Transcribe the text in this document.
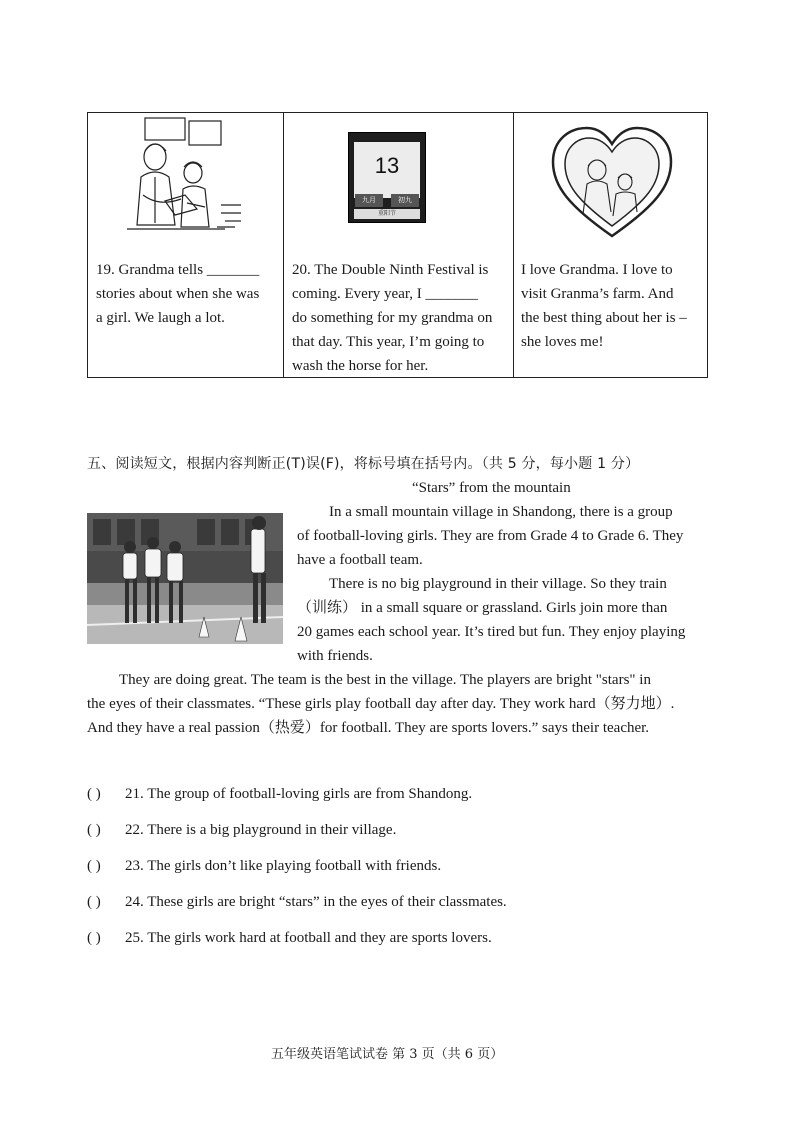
13
九月	初九
重阳节
19. Grandma tells _______
stories about when she was
a girl. We laugh a lot.
20. The Double Ninth Festival is
coming. Every year, I _______
do something for my grandma on
that day. This year, I’m going to
wash the horse for her.
I love Grandma. I love to
visit Granma’s farm. And
the best thing about her is –
she loves me!
五、阅读短文，根据内容判断正(T)误(F)，将标号填在括号内。（共 5 分，每小题 1 分）
“Stars” from the mountain
In a small mountain village in Shandong, there is a group
of football-loving girls. They are from Grade 4 to Grade 6. They
have a football team.
There is no big playground in their village. So they train
（训练） in a small square or grassland. Girls join more than
20 games each school year. It’s tired but fun. They enjoy playing
with friends.
They are doing great. The team is the best in the village. The players are bright "stars" in
the eyes of their classmates. “These girls play football day after day. They work hard（努力地）.
And they have a real passion（热爱）for football. They are sports lovers.” says their teacher.
( ) 21. The group of football-loving girls are from Shandong.
( ) 22. There is a big playground in their village.
( ) 23. The girls don’t like playing football with friends.
( ) 24. These girls are bright “stars” in the eyes of their classmates.
( ) 25. The girls work hard at football and they are sports lovers.
五年级英语笔试试卷 第 3 页（共 6 页）
